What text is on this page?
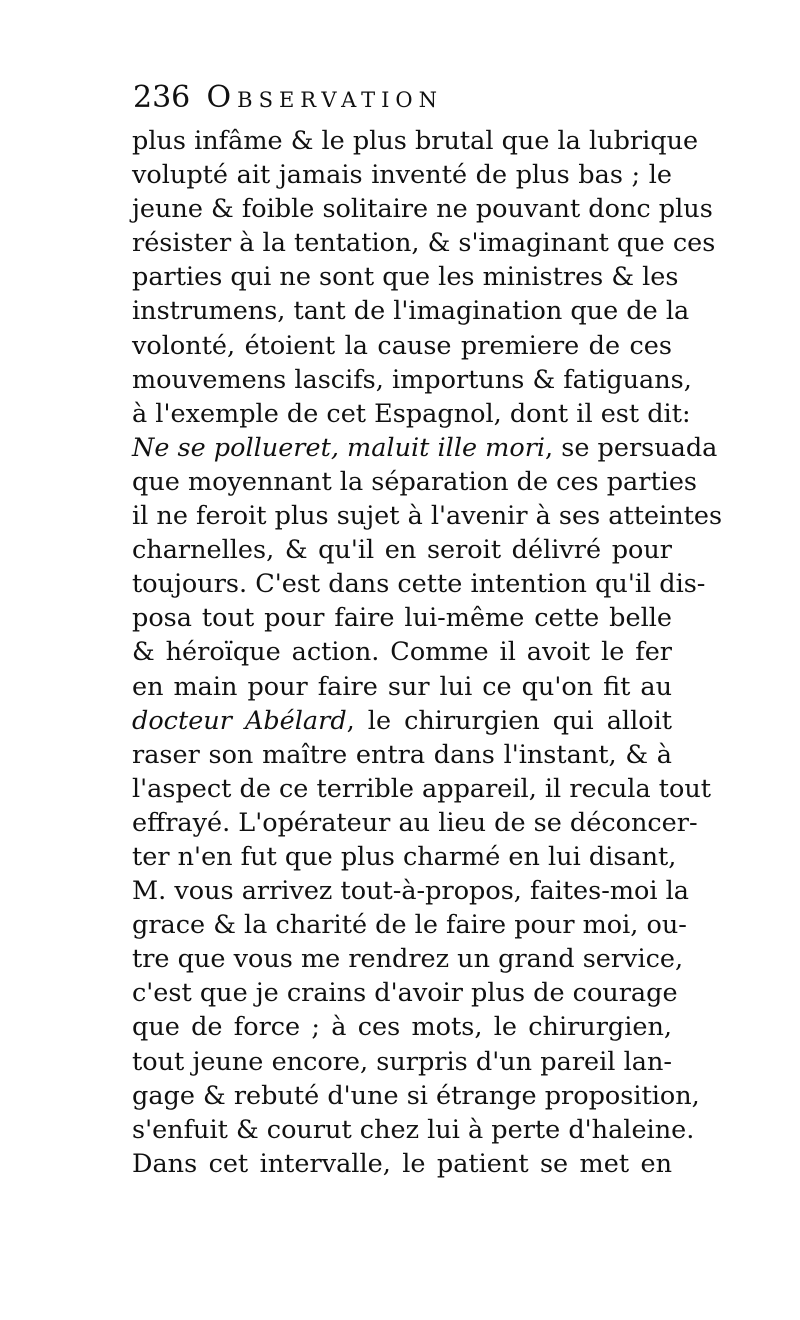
236 Observation
plus infâme & le plus brutal que la lubrique
volupté ait jamais inventé de plus bas ; le
jeune & foible solitaire ne pouvant donc plus
résister à la tentation, & s'imaginant que ces
parties qui ne sont que les ministres & les
instrumens, tant de l'imagination que de la
volonté, étoient la cause premiere de ces
mouvemens lascifs, importuns & fatiguans,
à l'exemple de cet Espagnol, dont il est dit:
Ne se pollueret, maluit ille mori, se persuada
que moyennant la séparation de ces parties
il ne feroit plus sujet à l'avenir à ses atteintes
charnelles, & qu'il en seroit délivré pour
toujours. C'est dans cette intention qu'il dis-
posa tout pour faire lui-même cette belle
& héroïque action. Comme il avoit le fer
en main pour faire sur lui ce qu'on fit au
docteur Abélard, le chirurgien qui alloit
raser son maître entra dans l'instant, & à
l'aspect de ce terrible appareil, il recula tout
effrayé. L'opérateur au lieu de se déconcer-
ter n'en fut que plus charmé en lui disant,
M. vous arrivez tout-à-propos, faites-moi la
grace & la charité de le faire pour moi, ou-
tre que vous me rendrez un grand service,
c'est que je crains d'avoir plus de courage
que de force ; à ces mots, le chirurgien,
tout jeune encore, surpris d'un pareil lan-
gage & rebuté d'une si étrange proposition,
s'enfuit & courut chez lui à perte d'haleine.
Dans cet intervalle, le patient se met en
